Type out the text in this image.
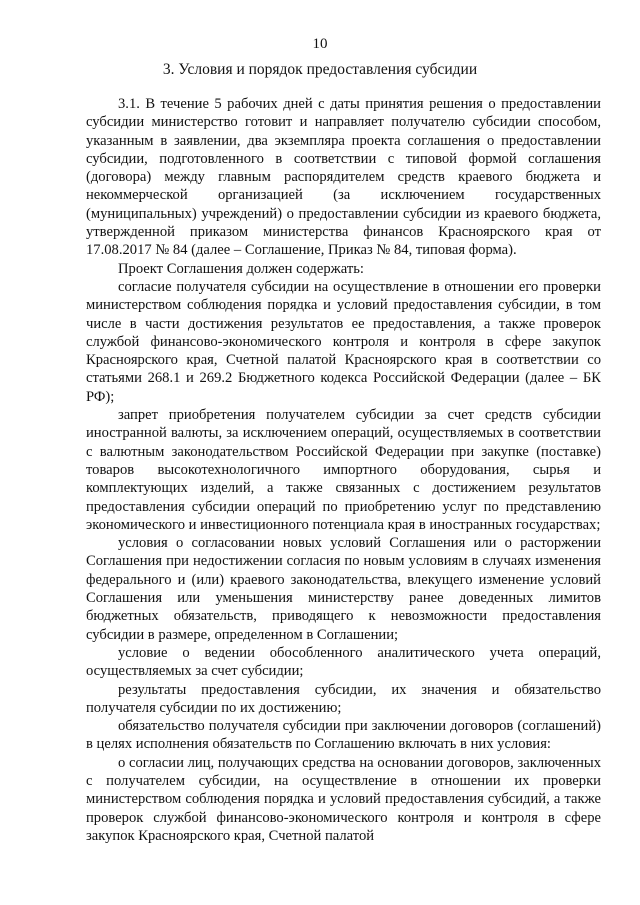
10
3. Условия и порядок предоставления субсидии

3.1. В течение 5 рабочих дней с даты принятия решения о предоставлении субсидии министерство готовит и направляет получателю субсидии способом, указанным в заявлении, два экземпляра проекта соглашения о предоставлении субсидии, подготовленного в соответствии с типовой формой соглашения (договора) между главным распорядителем средств краевого бюджета и некоммерческой организацией (за исключением государственных (муниципальных) учреждений) о предоставлении субсидии из краевого бюджета, утвержденной приказом министерства финансов Красноярского края от 17.08.2017 № 84 (далее – Соглашение, Приказ № 84, типовая форма).

Проект Соглашения должен содержать:

согласие получателя субсидии на осуществление в отношении его проверки министерством соблюдения порядка и условий предоставления субсидии, в том числе в части достижения результатов ее предоставления, а также проверок службой финансово-экономического контроля и контроля в сфере закупок Красноярского края, Счетной палатой Красноярского края в соответствии со статьями 268.1 и 269.2 Бюджетного кодекса Российской Федерации (далее – БК РФ);

запрет приобретения получателем субсидии за счет средств субсидии иностранной валюты, за исключением операций, осуществляемых в соответствии с валютным законодательством Российской Федерации при закупке (поставке) товаров высокотехнологичного импортного оборудования, сырья и комплектующих изделий, а также связанных с достижением результатов предоставления субсидии операций по приобретению услуг по представлению экономического и инвестиционного потенциала края в иностранных государствах;

условия о согласовании новых условий Соглашения или о расторжении Соглашения при недостижении согласия по новым условиям в случаях изменения федерального и (или) краевого законодательства, влекущего изменение условий Соглашения или уменьшения министерству ранее доведенных лимитов бюджетных обязательств, приводящего к невозможности предоставления субсидии в размере, определенном в Соглашении;

условие о ведении обособленного аналитического учета операций, осуществляемых за счет субсидии;

результаты предоставления субсидии, их значения и обязательство получателя субсидии по их достижению;

обязательство получателя субсидии при заключении договоров (соглашений) в целях исполнения обязательств по Соглашению включать в них условия:

о согласии лиц, получающих средства на основании договоров, заключенных с получателем субсидии, на осуществление в отношении их проверки министерством соблюдения порядка и условий предоставления субсидий, а также проверок службой финансово-экономического контроля и контроля в сфере закупок Красноярского края, Счетной палатой
